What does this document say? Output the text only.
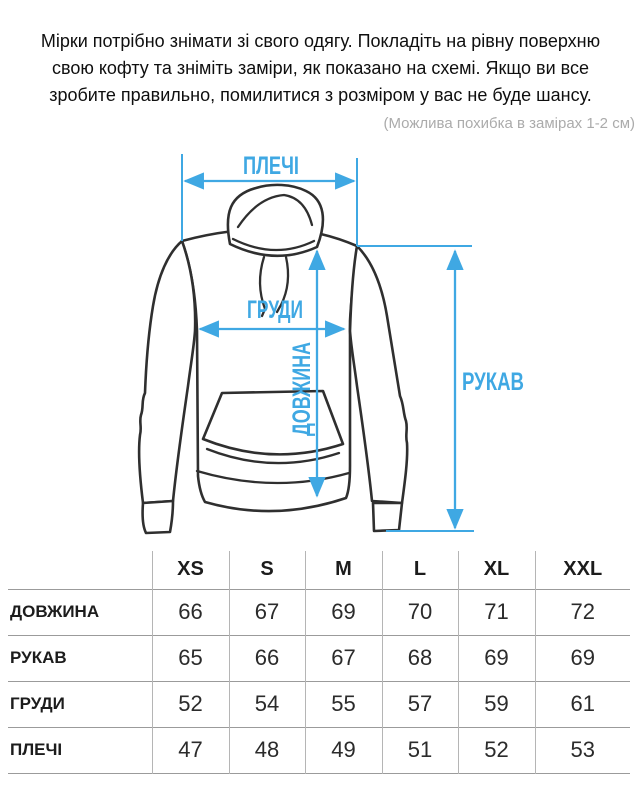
Мірки потрібно знімати зі свого одягу. Покладіть на рівну поверхню свою кофту та зніміть заміри, як показано на схемі. Якщо ви все зробите правильно, помилитися з розміром у вас не буде шансу.

(Можлива похибка в замірах 1-2 см)

ПЛЕЧІ
ГРУДИ
ДОВЖИНА	РУКАВ
	XS	S	M	L	XL	XXL
ДОВЖИНА	66	67	69	70	71	72
РУКАВ	65	66	67	68	69	69
ГРУДИ	52	54	55	57	59	61
ПЛЕЧІ	47	48	49	51	52	53
